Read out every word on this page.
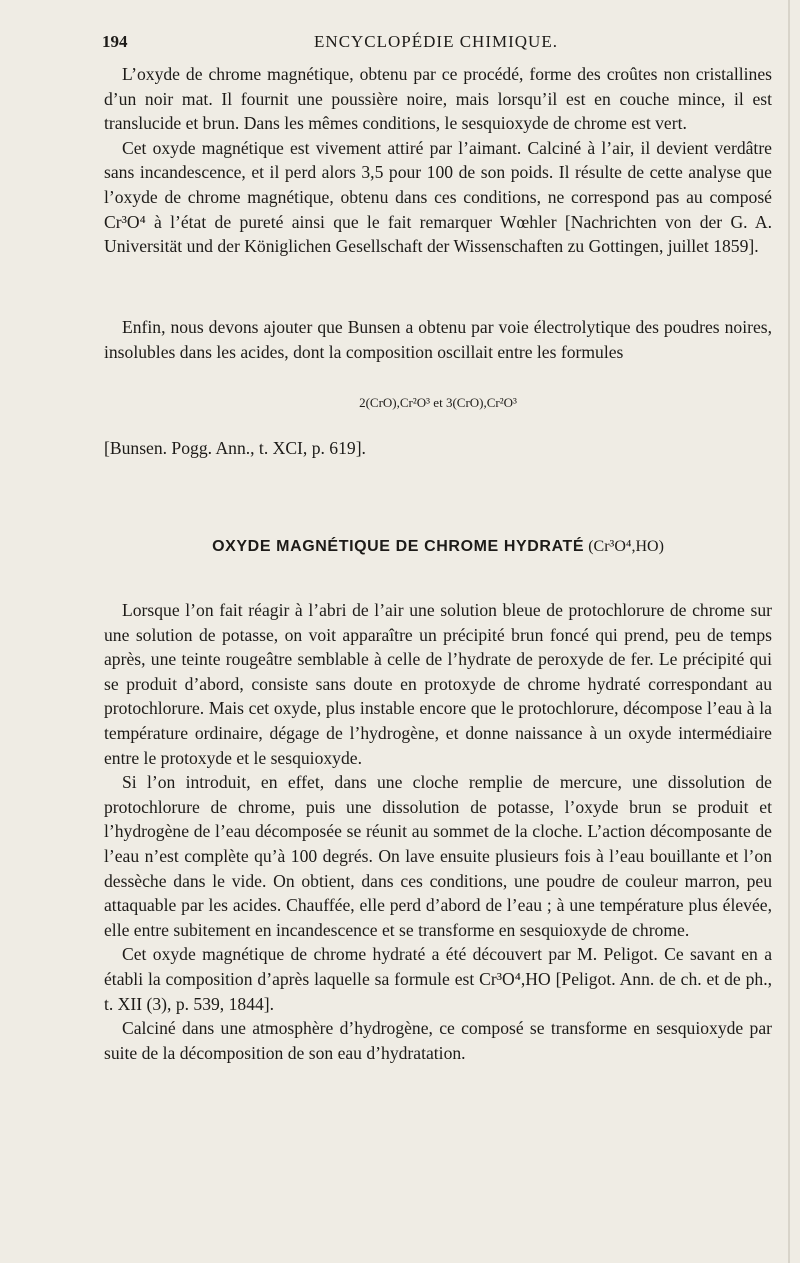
194	ENCYCLOPÉDIE CHIMIQUE.

L’oxyde de chrome magnétique, obtenu par ce procédé, forme des croûtes non cristallines d’un noir mat. Il fournit une poussière noire, mais lorsqu’il est en couche mince, il est translucide et brun. Dans les mêmes conditions, le sesquioxyde de chrome est vert.

Cet oxyde magnétique est vivement attiré par l’aimant. Calciné à l’air, il devient verdâtre sans incandescence, et il perd alors 3,5 pour 100 de son poids. Il résulte de cette analyse que l’oxyde de chrome magnétique, obtenu dans ces conditions, ne correspond pas au composé Cr³O⁴ à l’état de pureté ainsi que le fait remarquer Wœhler [Nachrichten von der G. A. Universität und der Königlichen Gesellschaft der Wissenschaften zu Gottingen, juillet 1859].

Enfin, nous devons ajouter que Bunsen a obtenu par voie électrolytique des poudres noires, insolubles dans les acides, dont la composition oscillait entre les formules

2(CrO),Cr²O³ et 3(CrO),Cr²O³
[Bunsen. Pogg. Ann., t. XCI, p. 619].
OXYDE MAGNÉTIQUE DE CHROME HYDRATÉ (Cr³O⁴,HO)

Lorsque l’on fait réagir à l’abri de l’air une solution bleue de protochlorure de chrome sur une solution de potasse, on voit apparaître un précipité brun foncé qui prend, peu de temps après, une teinte rougeâtre semblable à celle de l’hydrate de peroxyde de fer. Le précipité qui se produit d’abord, consiste sans doute en protoxyde de chrome hydraté correspondant au protochlorure. Mais cet oxyde, plus instable encore que le protochlorure, décompose l’eau à la température ordinaire, dégage de l’hydrogène, et donne naissance à un oxyde intermédiaire entre le protoxyde et le sesquioxyde.

Si l’on introduit, en effet, dans une cloche remplie de mercure, une dissolution de protochlorure de chrome, puis une dissolution de potasse, l’oxyde brun se produit et l’hydrogène de l’eau décomposée se réunit au sommet de la cloche. L’action décomposante de l’eau n’est complète qu’à 100 degrés. On lave ensuite plusieurs fois à l’eau bouillante et l’on dessèche dans le vide. On obtient, dans ces conditions, une poudre de couleur marron, peu attaquable par les acides. Chauffée, elle perd d’abord de l’eau ; à une température plus élevée, elle entre subitement en incandescence et se transforme en sesquioxyde de chrome.

Cet oxyde magnétique de chrome hydraté a été découvert par M. Peligot. Ce savant en a établi la composition d’après laquelle sa formule est Cr³O⁴,HO [Peligot. Ann. de ch. et de ph., t. XII (3), p. 539, 1844].

Calciné dans une atmosphère d’hydrogène, ce composé se transforme en sesquioxyde par suite de la décomposition de son eau d’hydratation.
